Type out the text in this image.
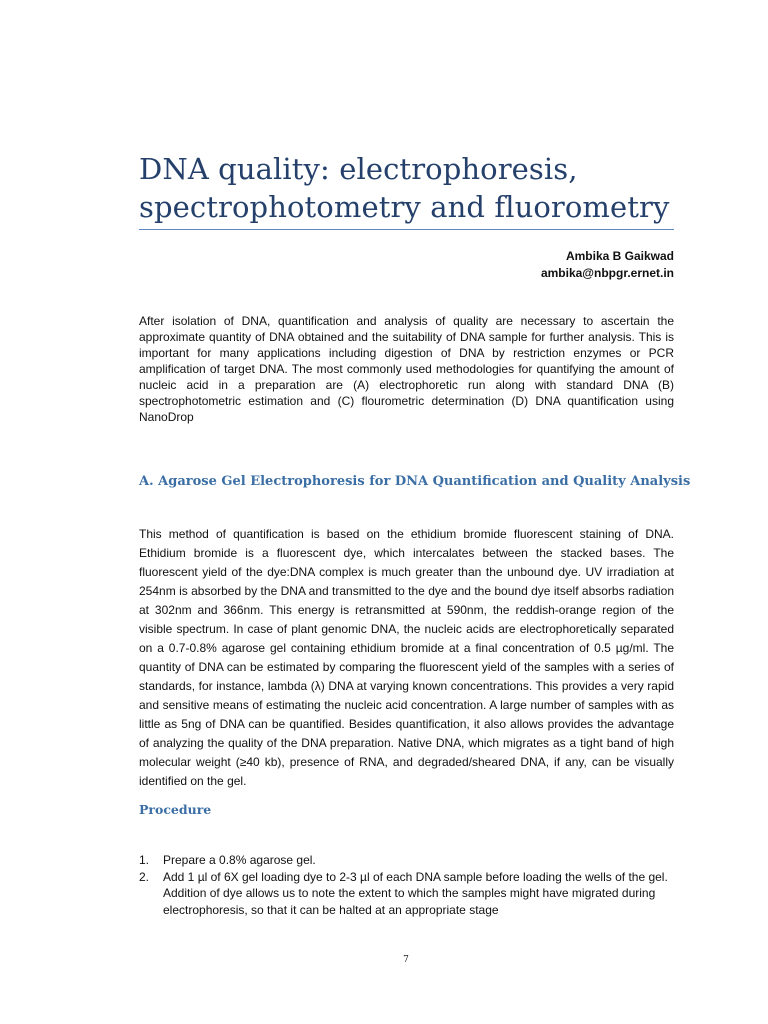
DNA quality: electrophoresis,
spectrophotometry and fluorometry
Ambika B Gaikwad
ambika@nbpgr.ernet.in
After isolation of DNA, quantification and analysis of quality are necessary to ascertain the approximate quantity of DNA obtained and the suitability of DNA sample for further analysis. This is important for many applications including digestion of DNA by restriction enzymes or PCR amplification of target DNA. The most commonly used methodologies for quantifying the amount of nucleic acid in a preparation are (A) electrophoretic run along with standard DNA (B) spectrophotometric estimation and (C) flourometric determination (D) DNA quantification using NanoDrop
A. Agarose Gel Electrophoresis for DNA Quantification and Quality Analysis
This method of quantification is based on the ethidium bromide fluorescent staining of DNA. Ethidium bromide is a fluorescent dye, which intercalates between the stacked bases. The fluorescent yield of the dye:DNA complex is much greater than the unbound dye. UV irradiation at 254nm is absorbed by the DNA and transmitted to the dye and the bound dye itself absorbs radiation at 302nm and 366nm. This energy is retransmitted at 590nm, the reddish-orange region of the visible spectrum. In case of plant genomic DNA, the nucleic acids are electrophoretically separated on a 0.7-0.8% agarose gel containing ethidium bromide at a final concentration of 0.5 µg/ml. The quantity of DNA can be estimated by comparing the fluorescent yield of the samples with a series of standards, for instance, lambda (λ) DNA at varying known concentrations. This provides a very rapid and sensitive means of estimating the nucleic acid concentration. A large number of samples with as little as 5ng of DNA can be quantified. Besides quantification, it also allows provides the advantage of analyzing the quality of the DNA preparation. Native DNA, which migrates as a tight band of high molecular weight (≥40 kb), presence of RNA, and degraded/sheared DNA, if any, can be visually identified on the gel.
Procedure
1.	Prepare a 0.8% agarose gel.
2.	Add 1 µl of 6X gel loading dye to 2-3 µl of each DNA sample before loading the wells of the gel. Addition of dye allows us to note the extent to which the samples might have migrated during electrophoresis, so that it can be halted at an appropriate stage
7
